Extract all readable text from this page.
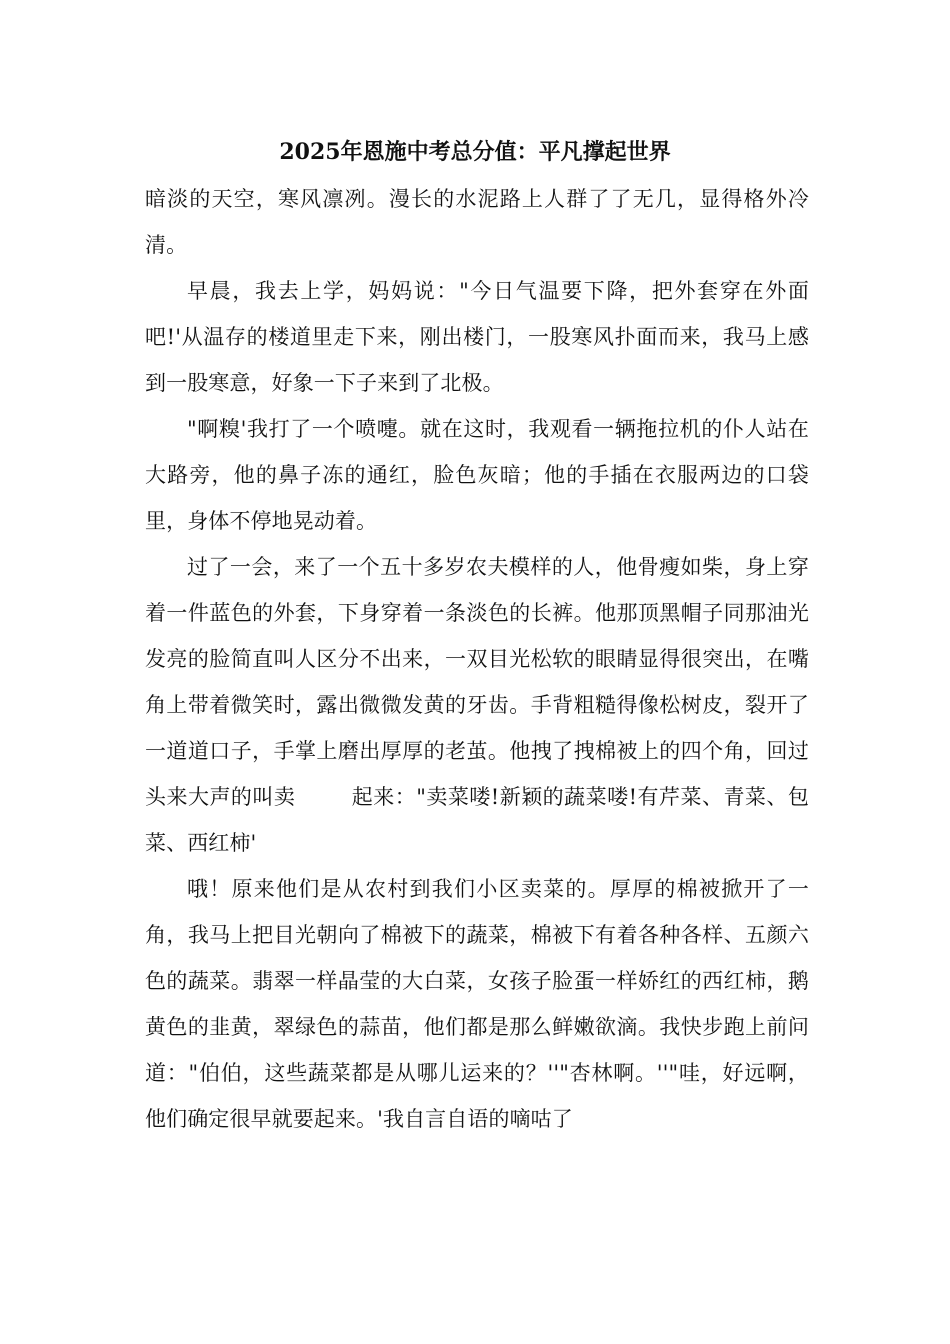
2025年恩施中考总分值：平凡撑起世界

暗淡的天空，寒风凛冽。漫长的水泥路上人群了了无几，显得格外冷清。

早晨，我去上学，妈妈说："今日气温要下降，把外套穿在外面吧!'从温存的楼道里走下来，刚出楼门，一股寒风扑面而来，我马上感到一股寒意，好象一下子来到了北极。

"啊糗'我打了一个喷嚏。就在这时，我观看一辆拖拉机的仆人站在大路旁，他的鼻子冻的通红，脸色灰暗；他的手插在衣服两边的口袋里，身体不停地晃动着。

过了一会，来了一个五十多岁农夫模样的人，他骨瘦如柴，身上穿着一件蓝色的外套，下身穿着一条淡色的长裤。他那顶黑帽子同那油光发亮的脸简直叫人区分不出来，一双目光松软的眼睛显得很突出，在嘴角上带着微笑时，露出微微发黄的牙齿。手背粗糙得像松树皮，裂开了一道道口子，手掌上磨出厚厚的老茧。他拽了拽棉被上的四个角，回过头来大声的叫卖	起来："卖菜喽!新颖的蔬菜喽!有芹菜、青菜、包菜、西红柿'

哦！原来他们是从农村到我们小区卖菜的。厚厚的棉被掀开了一角，我马上把目光朝向了棉被下的蔬菜，棉被下有着各种各样、五颜六色的蔬菜。翡翠一样晶莹的大白菜，女孩子脸蛋一样娇红的西红柿，鹅黄色的韭黄，翠绿色的蒜苗，他们都是那么鲜嫩欲滴。我快步跑上前问道："伯伯，这些蔬菜都是从哪儿运来的？''"杏林啊。''"哇，好远啊，他们确定很早就要起来。'我自言自语的嘀咕了
